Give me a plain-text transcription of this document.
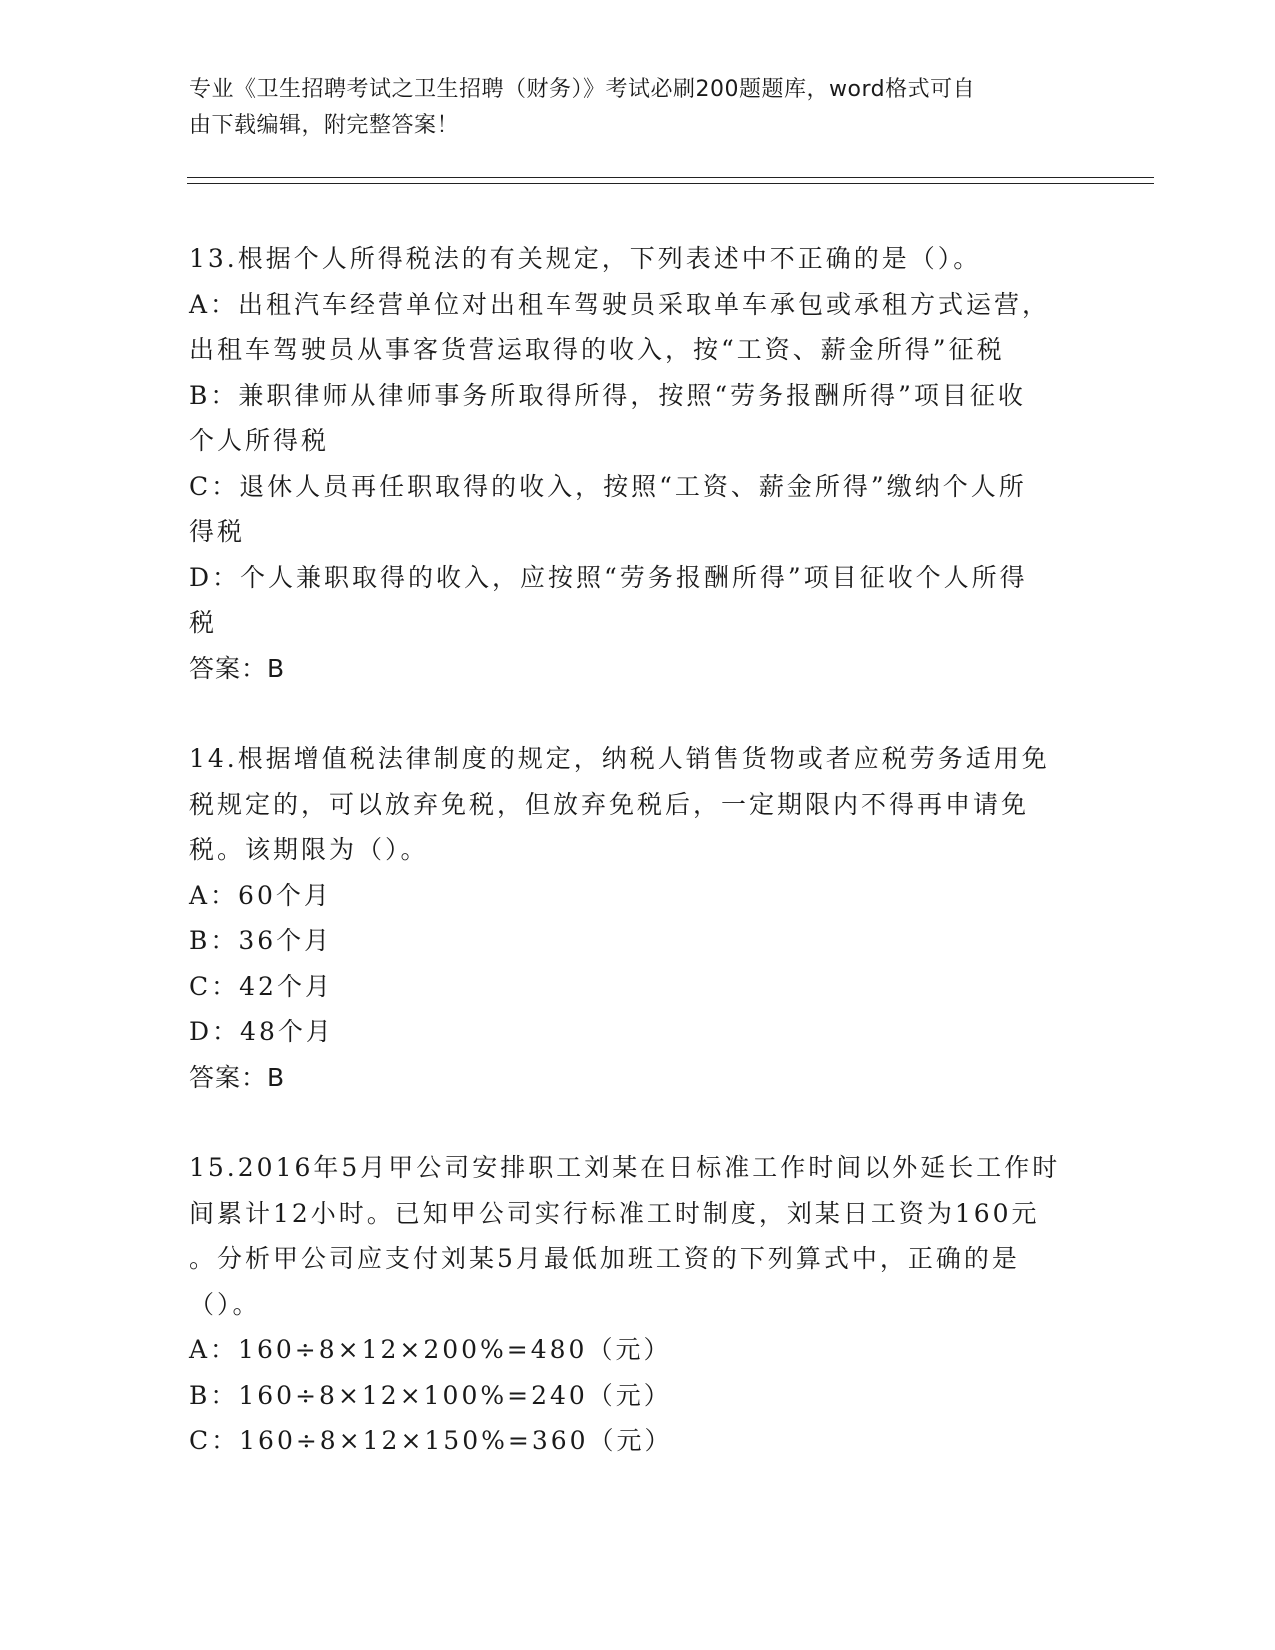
专业《卫生招聘考试之卫生招聘（财务）》考试必刷200题题库，word格式可自
由下载编辑，附完整答案！

13.根据个人所得税法的有关规定，下列表述中不正确的是（）。

A：出租汽车经营单位对出租车驾驶员采取单车承包或承租方式运营，

出租车驾驶员从事客货营运取得的收入，按“工资、薪金所得”征税

B：兼职律师从律师事务所取得所得，按照“劳务报酬所得”项目征收

个人所得税

C：退休人员再任职取得的收入，按照“工资、薪金所得”缴纳个人所

得税

D：个人兼职取得的收入，应按照“劳务报酬所得”项目征收个人所得

税

答案：B

14.根据增值税法律制度的规定，纳税人销售货物或者应税劳务适用免

税规定的，可以放弃免税，但放弃免税后，一定期限内不得再申请免

税。该期限为（）。

A：60个月

B：36个月

C：42个月

D：48个月

答案：B

15.2016年5月甲公司安排职工刘某在日标准工作时间以外延长工作时

间累计12小时。已知甲公司实行标准工时制度，刘某日工资为160元

。分析甲公司应支付刘某5月最低加班工资的下列算式中，正确的是

（）。

A：160÷8×12×200%=480（元）

B：160÷8×12×100%=240（元）

C：160÷8×12×150%=360（元）
